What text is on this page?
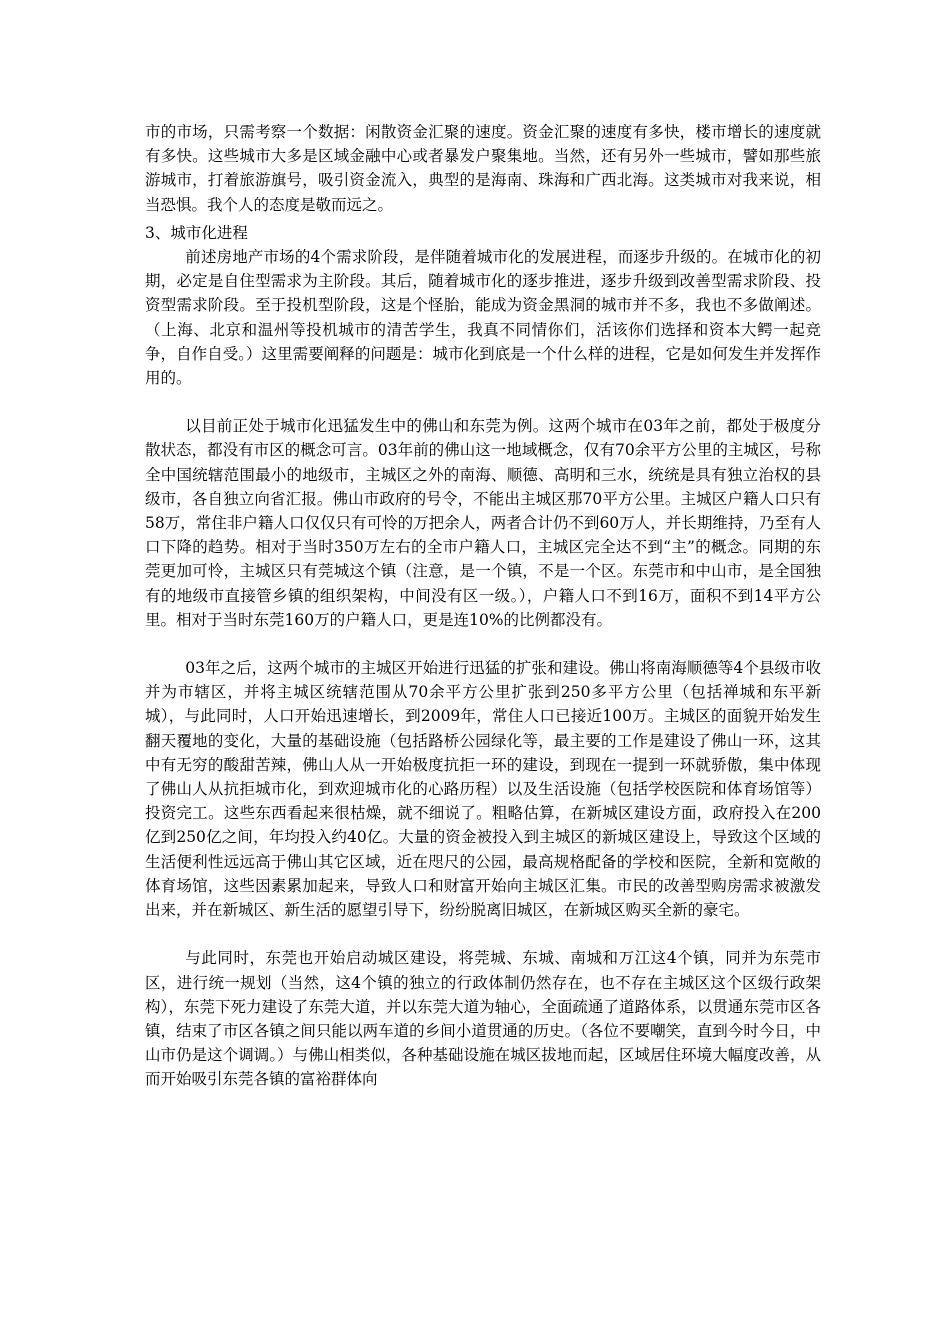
市的市场，只需考察一个数据：闲散资金汇聚的速度。资金汇聚的速度有多快，楼市增长的速度就有多快。这些城市大多是区域金融中心或者暴发户聚集地。当然，还有另外一些城市，譬如那些旅游城市，打着旅游旗号，吸引资金流入，典型的是海南、珠海和广西北海。这类城市对我来说，相当恐惧。我个人的态度是敬而远之。

3、城市化进程

前述房地产市场的4个需求阶段，是伴随着城市化的发展进程，而逐步升级的。在城市化的初期，必定是自住型需求为主阶段。其后，随着城市化的逐步推进，逐步升级到改善型需求阶段、投资型需求阶段。至于投机型阶段，这是个怪胎，能成为资金黑洞的城市并不多，我也不多做阐述。（上海、北京和温州等投机城市的清苦学生，我真不同情你们，活该你们选择和资本大鳄一起竞争，自作自受。）这里需要阐释的问题是：城市化到底是一个什么样的进程，它是如何发生并发挥作用的。

以目前正处于城市化迅猛发生中的佛山和东莞为例。这两个城市在03年之前，都处于极度分散状态，都没有市区的概念可言。03年前的佛山这一地域概念，仅有70余平方公里的主城区，号称全中国统辖范围最小的地级市，主城区之外的南海、顺德、高明和三水，统统是具有独立治权的县级市，各自独立向省汇报。佛山市政府的号令，不能出主城区那70平方公里。主城区户籍人口只有58万，常住非户籍人口仅仅只有可怜的万把余人，两者合计仍不到60万人，并长期维持，乃至有人口下降的趋势。相对于当时350万左右的全市户籍人口，主城区完全达不到“主”的概念。同期的东莞更加可怜，主城区只有莞城这个镇（注意，是一个镇，不是一个区。东莞市和中山市，是全国独有的地级市直接管乡镇的组织架构，中间没有区一级。），户籍人口不到16万，面积不到14平方公里。相对于当时东莞160万的户籍人口，更是连10%的比例都没有。

03年之后，这两个城市的主城区开始进行迅猛的扩张和建设。佛山将南海顺德等4个县级市收并为市辖区，并将主城区统辖范围从70余平方公里扩张到250多平方公里（包括禅城和东平新城），与此同时，人口开始迅速增长，到2009年，常住人口已接近100万。主城区的面貌开始发生翻天覆地的变化，大量的基础设施（包括路桥公园绿化等，最主要的工作是建设了佛山一环，这其中有无穷的酸甜苦辣，佛山人从一开始极度抗拒一环的建设，到现在一提到一环就骄傲，集中体现了佛山人从抗拒城市化，到欢迎城市化的心路历程）以及生活设施（包括学校医院和体育场馆等）投资完工。这些东西看起来很枯燥，就不细说了。粗略估算，在新城区建设方面，政府投入在200亿到250亿之间，年均投入约40亿。大量的资金被投入到主城区的新城区建设上，导致这个区域的生活便利性远远高于佛山其它区域，近在咫尺的公园，最高规格配备的学校和医院，全新和宽敞的体育场馆，这些因素累加起来，导致人口和财富开始向主城区汇集。市民的改善型购房需求被激发出来，并在新城区、新生活的愿望引导下，纷纷脱离旧城区，在新城区购买全新的豪宅。

与此同时，东莞也开始启动城区建设，将莞城、东城、南城和万江这4个镇，同并为东莞市区，进行统一规划（当然，这4个镇的独立的行政体制仍然存在，也不存在主城区这个区级行政架构），东莞下死力建设了东莞大道，并以东莞大道为轴心，全面疏通了道路体系，以贯通东莞市区各镇，结束了市区各镇之间只能以两车道的乡间小道贯通的历史。（各位不要嘲笑，直到今时今日，中山市仍是这个调调。）与佛山相类似，各种基础设施在城区拔地而起，区域居住环境大幅度改善，从而开始吸引东莞各镇的富裕群体向
